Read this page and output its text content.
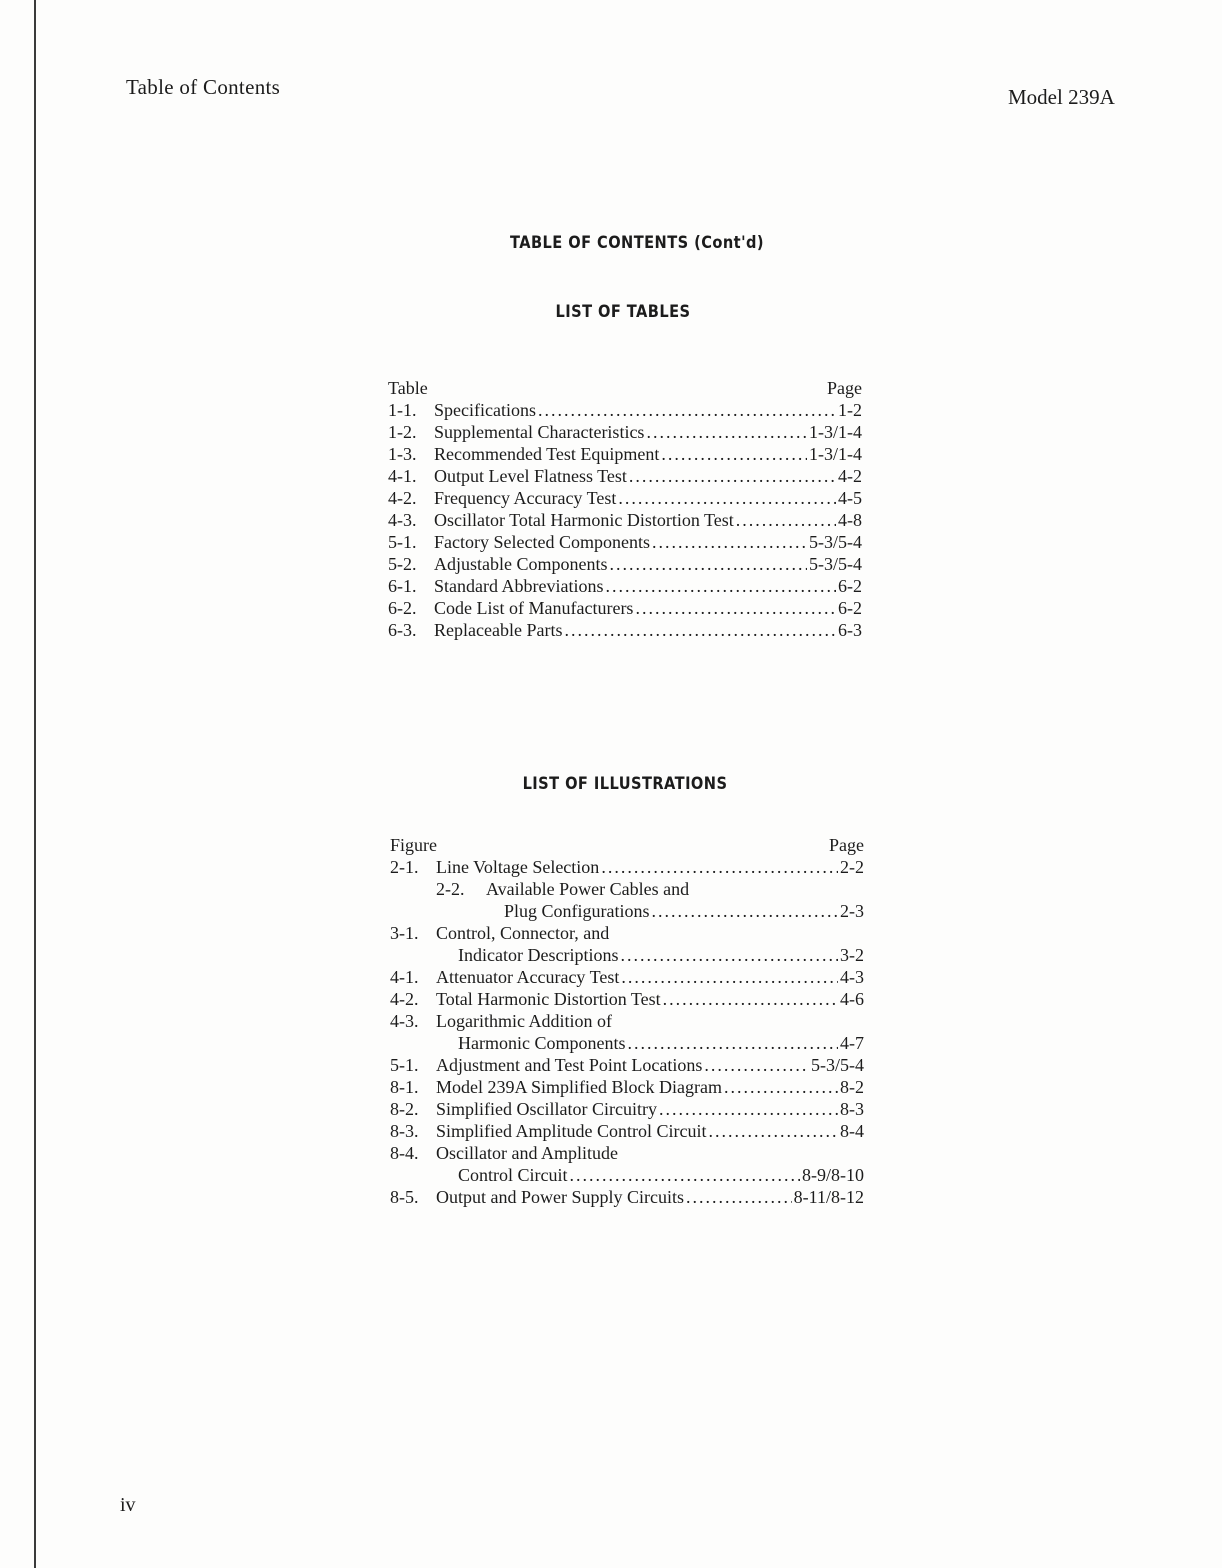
Table of Contents	Model 239A
TABLE OF CONTENTS (Cont'd)
LIST OF TABLES
Table	Page
1-1. Specifications .....	1-2
1-2. Supplemental Characteristics .....	1-3/1-4
1-3. Recommended Test Equipment .....	1-3/1-4
4-1. Output Level Flatness Test .....	4-2
4-2. Frequency Accuracy Test .....	4-5
4-3. Oscillator Total Harmonic Distortion Test .....	4-8
5-1. Factory Selected Components .....	5-3/5-4
5-2. Adjustable Components .....	5-3/5-4
6-1. Standard Abbreviations .....	6-2
6-2. Code List of Manufacturers .....	6-2
6-3. Replaceable Parts .....	6-3
LIST OF ILLUSTRATIONS
Figure	Page
2-1. Line Voltage Selection .....	2-2
2-2.	Available Power Cables and
Plug Configurations .....	2-3
3-1. Control, Connector, and
Indicator Descriptions .....	3-2
4-1. Attenuator Accuracy Test .....	4-3
4-2. Total Harmonic Distortion Test .....	4-6
4-3. Logarithmic Addition of
Harmonic Components .....	4-7
5-1. Adjustment and Test Point Locations .....	5-3/5-4
8-1. Model 239A Simplified Block Diagram .....	8-2
8-2. Simplified Oscillator Circuitry .....	8-3
8-3. Simplified Amplitude Control Circuit .....	8-4
8-4. Oscillator and Amplitude
Control Circuit .....	8-9/8-10
8-5. Output and Power Supply Circuits .....	8-11/8-12
iv
